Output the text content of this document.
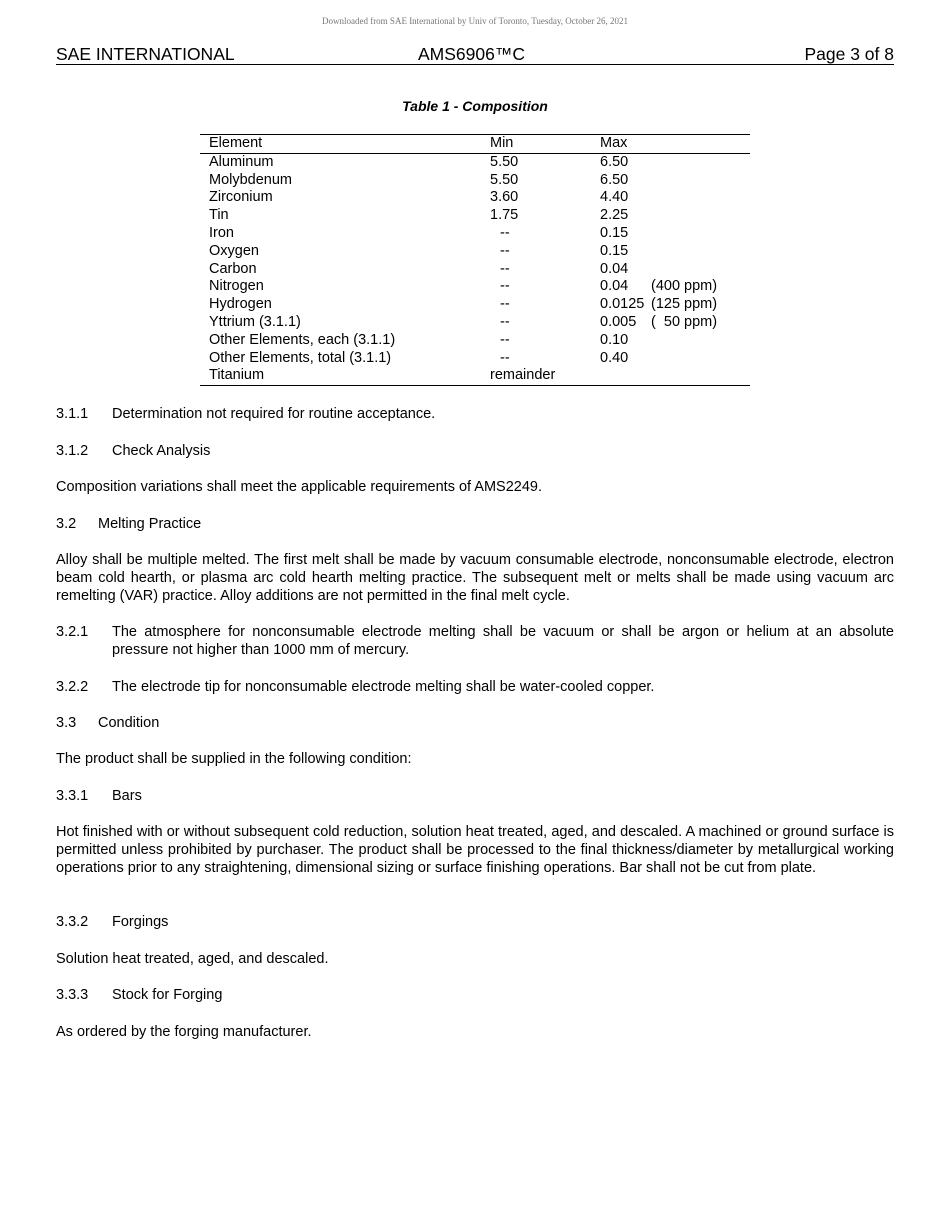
Downloaded from SAE International by Univ of Toronto, Tuesday, October 26, 2021
SAE INTERNATIONAL	AMS6906™C	Page 3 of 8
Table 1 - Composition
Element	Min	Max
Aluminum	5.50	6.50
Molybdenum	5.50	6.50
Zirconium	3.60	4.40
Tin	1.75	2.25
Iron	--	0.15
Oxygen	--	0.15
Carbon	--	0.04
Nitrogen	--	0.04 (400 ppm)
Hydrogen	--	0.0125 (125 ppm)
Yttrium (3.1.1)	--	0.005 (  50 ppm)
Other Elements, each (3.1.1)	--	0.10
Other Elements, total (3.1.1)	--	0.40
Titanium	remainder	
3.1.1 Determination not required for routine acceptance.
3.1.2 Check Analysis
Composition variations shall meet the applicable requirements of AMS2249.
3.2 Melting Practice
Alloy shall be multiple melted. The first melt shall be made by vacuum consumable electrode, nonconsumable electrode, electron beam cold hearth, or plasma arc cold hearth melting practice. The subsequent melt or melts shall be made using vacuum arc remelting (VAR) practice. Alloy additions are not permitted in the final melt cycle.
3.2.1 The atmosphere for nonconsumable electrode melting shall be vacuum or shall be argon or helium at an absolute pressure not higher than 1000 mm of mercury.
3.2.2 The electrode tip for nonconsumable electrode melting shall be water-cooled copper.
3.3 Condition
The product shall be supplied in the following condition:
3.3.1 Bars
Hot finished with or without subsequent cold reduction, solution heat treated, aged, and descaled. A machined or ground surface is permitted unless prohibited by purchaser. The product shall be processed to the final thickness/diameter by metallurgical working operations prior to any straightening, dimensional sizing or surface finishing operations. Bar shall not be cut from plate.
3.3.2 Forgings
Solution heat treated, aged, and descaled.
3.3.3 Stock for Forging
As ordered by the forging manufacturer.
